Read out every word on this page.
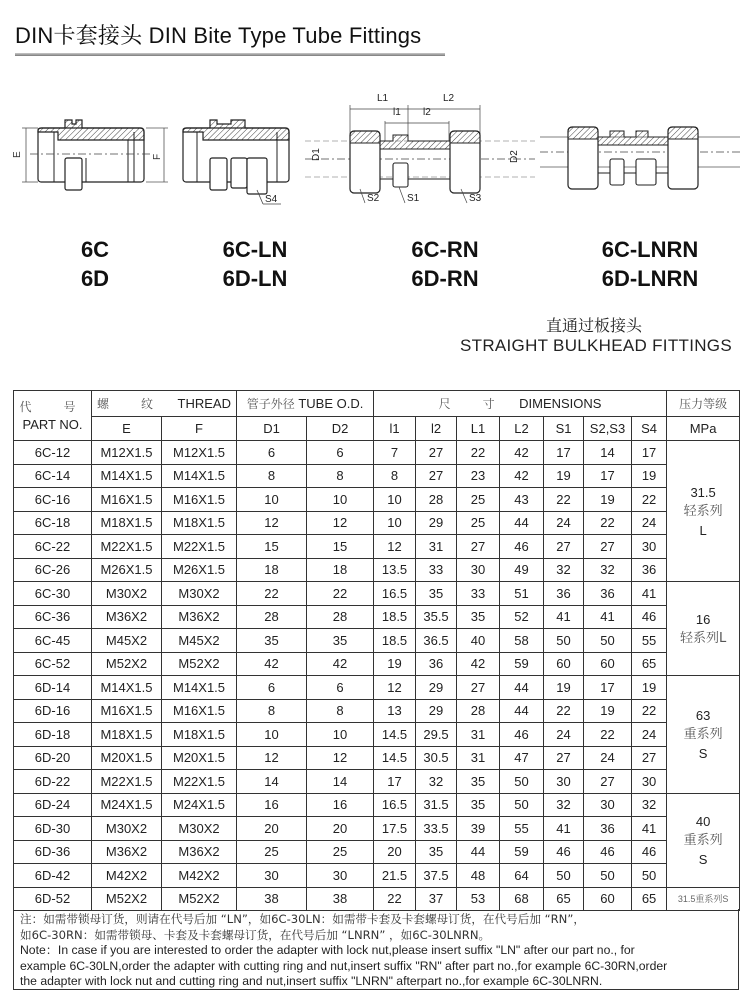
DIN卡套接头 DIN Bite Type Tube Fittings
E	F
S4
L1	L2
l1 l2
D1	D2
S2	S1	S3
6C
6D
6C-LN
6D-LN
6C-RN
6D-RN
6C-LNRN
6D-LNRN
直通过板接头
STRAIGHT BULKHEAD FITTINGS
代　号
PART NO.	螺　纹 THREAD		管子外径 TUBE O.D.		尺　寸 DIMENSIONS							压力等级
	E	F	D1	D2	l1	l2	L1	L2	S1	S2,S3	S4	MPa
6C-12	M12X1.5	M12X1.5	6	6	7	27	22	42	17	14	17	31.5
轻系列
L

6C-14	M14X1.5	M14X1.5	8	8	8	27	23	42	19	17	19	
6C-16	M16X1.5	M16X1.5	10	10	10	28	25	43	22	19	22	
6C-18	M18X1.5	M18X1.5	12	12	10	29	25	44	24	22	24	
6C-22	M22X1.5	M22X1.5	15	15	12	31	27	46	27	27	30	
6C-26	M26X1.5	M26X1.5	18	18	13.5	33	30	49	32	32	36	
6C-30	M30X2	M30X2	22	22	16.5	35	33	51	36	36	41	16
轻系列L

6C-36	M36X2	M36X2	28	28	18.5	35.5	35	52	41	41	46	
6C-45	M45X2	M45X2	35	35	18.5	36.5	40	58	50	50	55	
6C-52	M52X2	M52X2	42	42	19	36	42	59	60	60	65	
6D-14	M14X1.5	M14X1.5	6	6	12	29	27	44	19	17	19	63
重系列
S

6D-16	M16X1.5	M16X1.5	8	8	13	29	28	44	22	19	22	
6D-18	M18X1.5	M18X1.5	10	10	14.5	29.5	31	46	24	22	24	
6D-20	M20X1.5	M20X1.5	12	12	14.5	30.5	31	47	27	24	27	
6D-22	M22X1.5	M22X1.5	14	14	17	32	35	50	30	27	30	
6D-24	M24X1.5	M24X1.5	16	16	16.5	31.5	35	50	32	30	32	40
重系列
S

6D-30	M30X2	M30X2	20	20	17.5	33.5	39	55	41	36	41	
6D-36	M36X2	M36X2	25	25	20	35	44	59	46	46	46	
6D-42	M42X2	M42X2	30	30	21.5	37.5	48	64	50	50	50	
6D-52	M52X2	M52X2	38	38	22	37	53	68	65	60	65	31.5重系列S
注：如需带锁母订货，则请在代号后加 “LN”，如6C-30LN：如需带卡套及卡套螺母订货，在代号后加 “RN”，
如6C-30RN：如需带锁母、卡套及卡套螺母订货，在代号后加 “LNRN” ，如6C-30LNRN。
Note：In case if you are interested to order the adapter with lock nut,please insert suffix "LN" after our part no., for
example 6C-30LN,order the adapter with cutting ring and nut,insert suffix "RN" after part no.,for example 6C-30RN,order
the adapter with lock nut and cutting ring and nut,insert suffix "LNRN" afterpart no.,for example 6C-30LNRN.
